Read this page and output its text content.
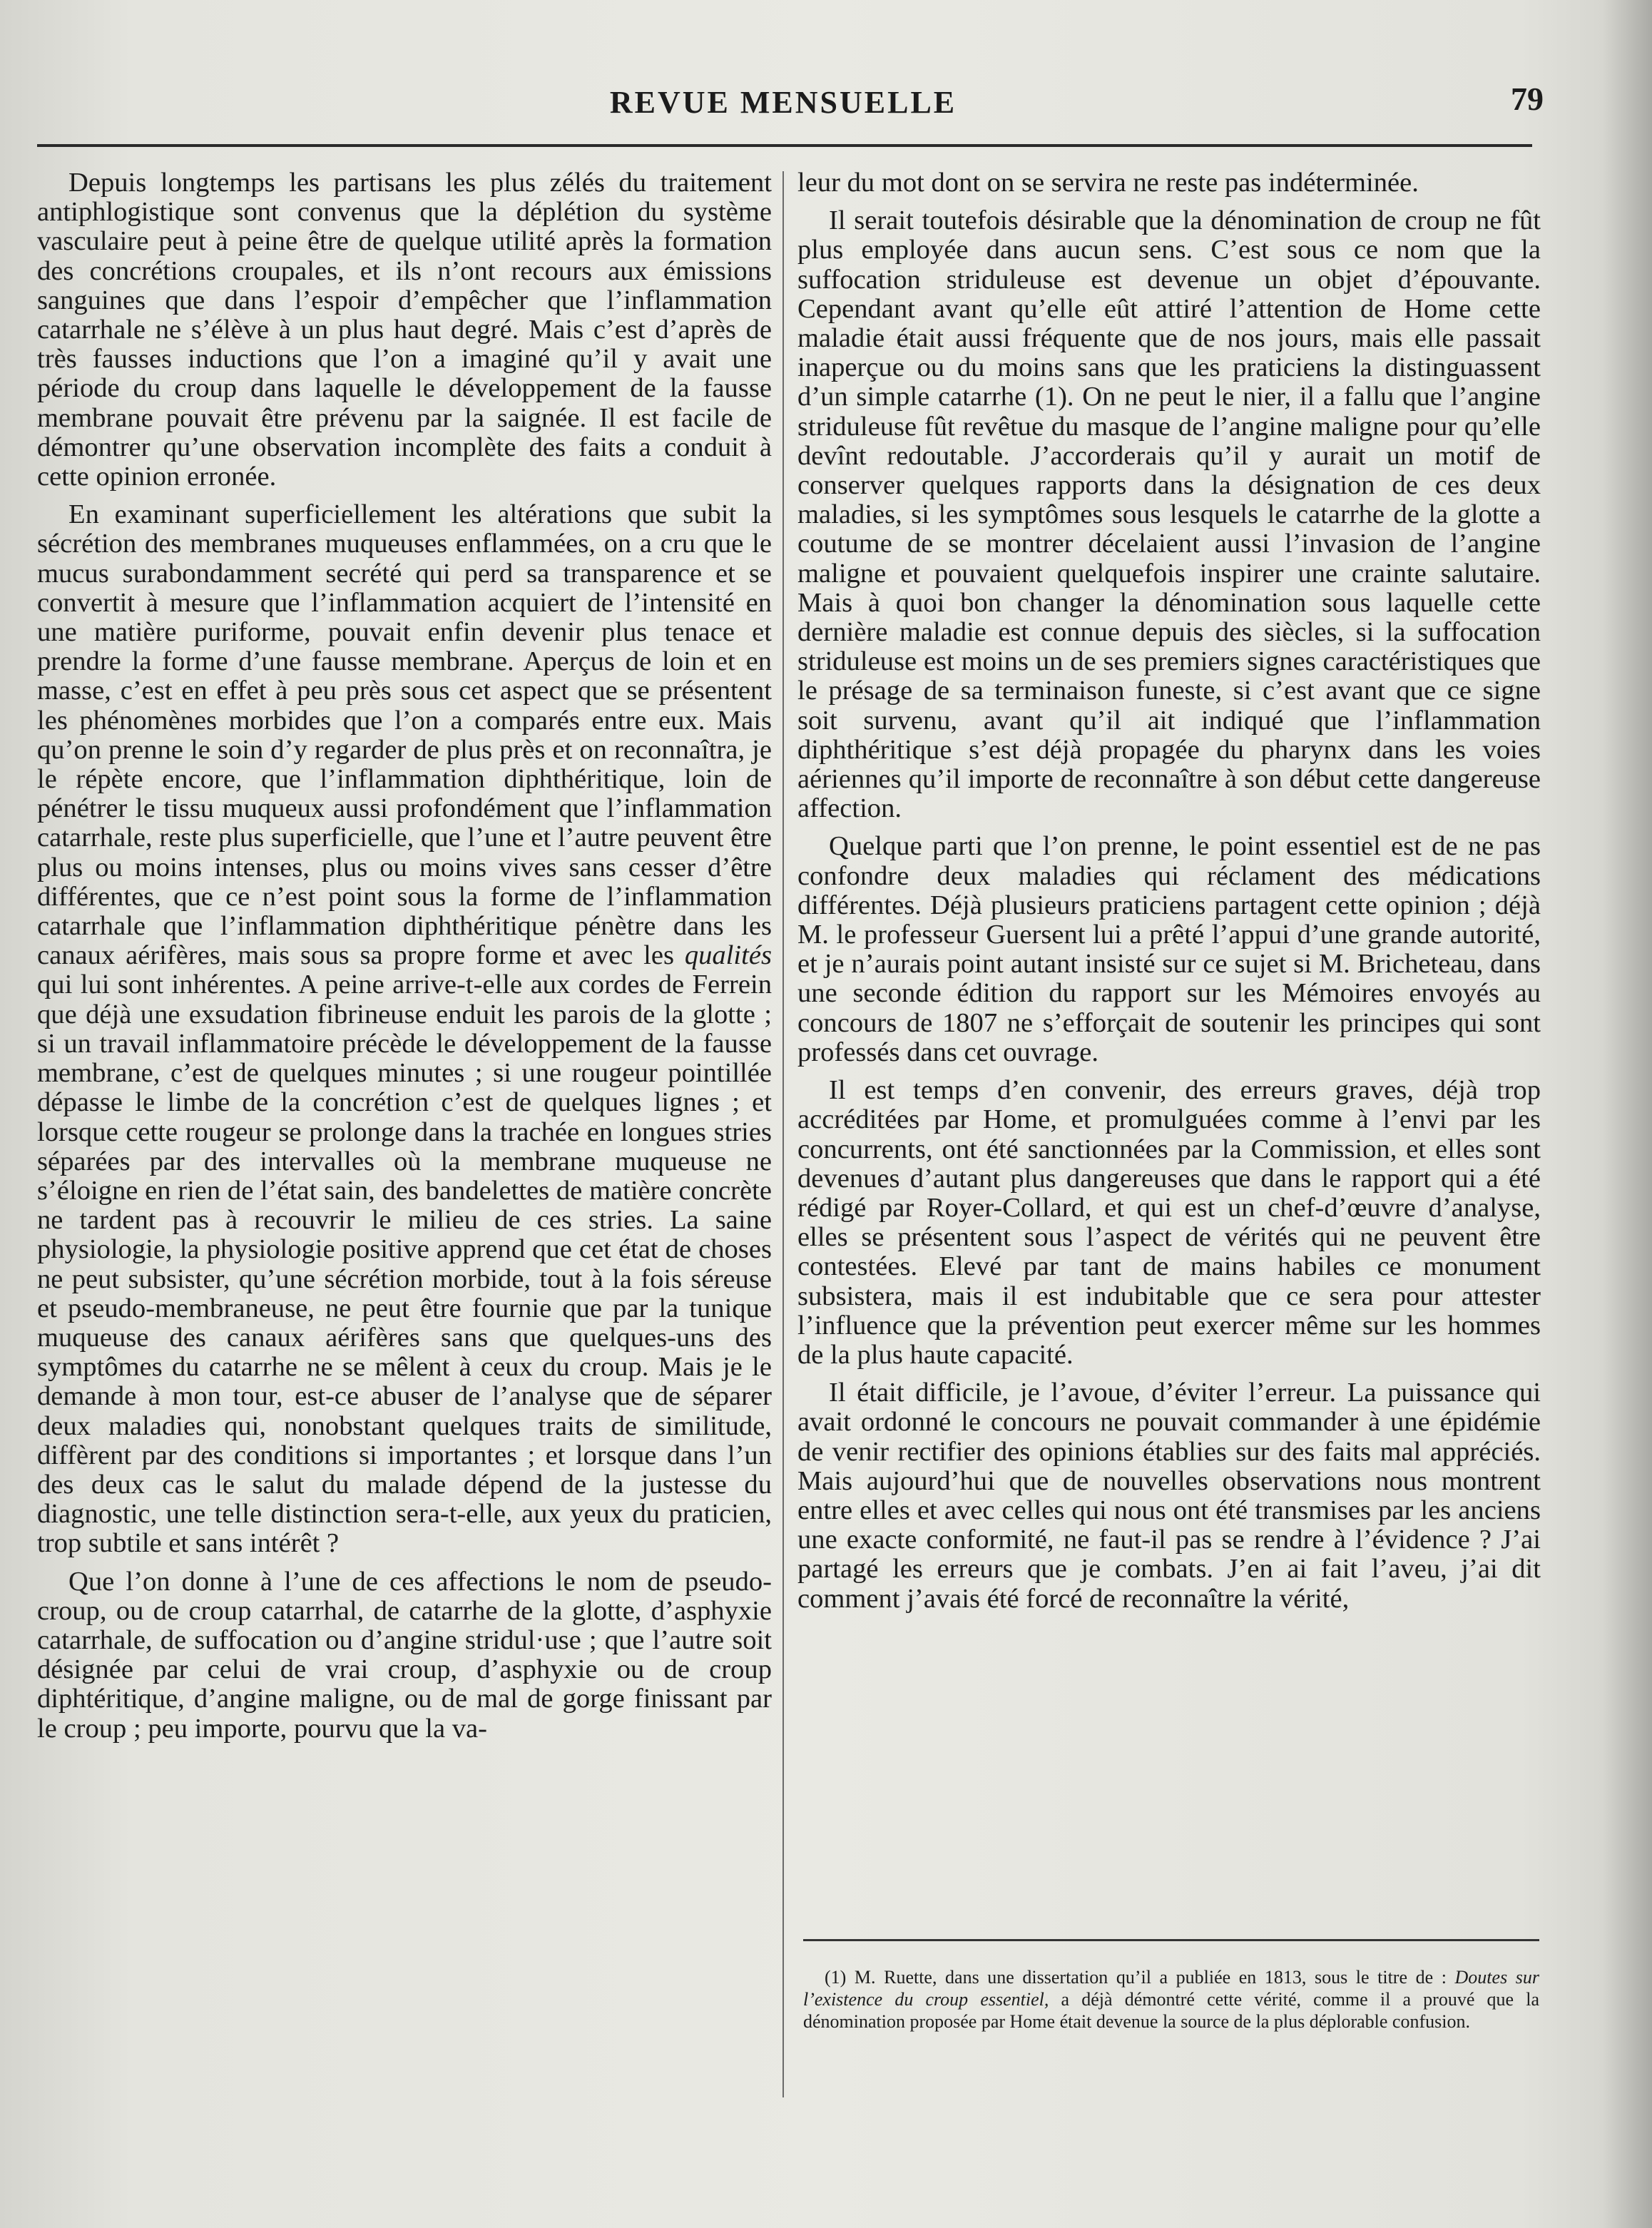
REVUE MENSUELLE	79

Depuis longtemps les partisans les plus zélés du traitement antiphlogistique sont convenus que la déplétion du système vasculaire peut à peine être de quelque utilité après la formation des concrétions croupales, et ils n’ont recours aux émissions sanguines que dans l’espoir d’empêcher que l’inflammation catarrhale ne s’élève à un plus haut degré. Mais c’est d’après de très fausses inductions que l’on a imaginé qu’il y avait une période du croup dans laquelle le développement de la fausse membrane pouvait être prévenu par la saignée. Il est facile de démontrer qu’une observation incomplète des faits a conduit à cette opinion erronée.

En examinant superficiellement les altérations que subit la sécrétion des membranes muqueuses enflammées, on a cru que le mucus surabondamment secrété qui perd sa transparence et se convertit à mesure que l’inflammation acquiert de l’intensité en une matière puriforme, pouvait enfin devenir plus tenace et prendre la forme d’une fausse membrane. Aperçus de loin et en masse, c’est en effet à peu près sous cet aspect que se présentent les phénomènes morbides que l’on a comparés entre eux. Mais qu’on prenne le soin d’y regarder de plus près et on reconnaîtra, je le répète encore, que l’inflammation diphthéritique, loin de pénétrer le tissu muqueux aussi profondément que l’inflammation catarrhale, reste plus superficielle, que l’une et l’autre peuvent être plus ou moins intenses, plus ou moins vives sans cesser d’être différentes, que ce n’est point sous la forme de l’inflammation catarrhale que l’inflammation diphthéritique pénètre dans les canaux aérifères, mais sous sa propre forme et avec les qualités qui lui sont inhérentes. A peine arrive-t-elle aux cordes de Ferrein que déjà une exsudation fibrineuse enduit les parois de la glotte ; si un travail inflammatoire précède le développement de la fausse membrane, c’est de quelques minutes ; si une rougeur pointillée dépasse le limbe de la concrétion c’est de quelques lignes ; et lorsque cette rougeur se prolonge dans la trachée en longues stries séparées par des intervalles où la membrane muqueuse ne s’éloigne en rien de l’état sain, des bandelettes de matière concrète ne tardent pas à recouvrir le milieu de ces stries. La saine physiologie, la physiologie positive apprend que cet état de choses ne peut subsister, qu’une sécrétion morbide, tout à la fois séreuse et pseudo-membraneuse, ne peut être fournie que par la tunique muqueuse des canaux aérifères sans que quelques-uns des symptômes du catarrhe ne se mêlent à ceux du croup. Mais je le demande à mon tour, est-ce abuser de l’analyse que de séparer deux maladies qui, nonobstant quelques traits de similitude, diffèrent par des conditions si importantes ; et lorsque dans l’un des deux cas le salut du malade dépend de la justesse du diagnostic, une telle distinction sera-t-elle, aux yeux du praticien, trop subtile et sans intérêt ?

Que l’on donne à l’une de ces affections le nom de pseudo-croup, ou de croup catarrhal, de catarrhe de la glotte, d’asphyxie catarrhale, de suffocation ou d’angine stridul·use ; que l’autre soit désignée par celui de vrai croup, d’asphyxie ou de croup diphtéritique, d’angine maligne, ou de mal de gorge finissant par le croup ; peu importe, pourvu que la va-

leur du mot dont on se servira ne reste pas indéterminée.

Il serait toutefois désirable que la dénomination de croup ne fût plus employée dans aucun sens. C’est sous ce nom que la suffocation striduleuse est devenue un objet d’épouvante. Cependant avant qu’elle eût attiré l’attention de Home cette maladie était aussi fréquente que de nos jours, mais elle passait inaperçue ou du moins sans que les praticiens la distinguassent d’un simple catarrhe (1). On ne peut le nier, il a fallu que l’angine striduleuse fût revêtue du masque de l’angine maligne pour qu’elle devînt redoutable. J’accorderais qu’il y aurait un motif de conserver quelques rapports dans la désignation de ces deux maladies, si les symptômes sous lesquels le catarrhe de la glotte a coutume de se montrer décelaient aussi l’invasion de l’angine maligne et pouvaient quelquefois inspirer une crainte salutaire. Mais à quoi bon changer la dénomination sous laquelle cette dernière maladie est connue depuis des siècles, si la suffocation striduleuse est moins un de ses premiers signes caractéristiques que le présage de sa terminaison funeste, si c’est avant que ce signe soit survenu, avant qu’il ait indiqué que l’inflammation diphthéritique s’est déjà propagée du pharynx dans les voies aériennes qu’il importe de reconnaître à son début cette dangereuse affection.

Quelque parti que l’on prenne, le point essentiel est de ne pas confondre deux maladies qui réclament des médications différentes. Déjà plusieurs praticiens partagent cette opinion ; déjà M. le professeur Guersent lui a prêté l’appui d’une grande autorité, et je n’aurais point autant insisté sur ce sujet si M. Bricheteau, dans une seconde édition du rapport sur les Mémoires envoyés au concours de 1807 ne s’efforçait de soutenir les principes qui sont professés dans cet ouvrage.

Il est temps d’en convenir, des erreurs graves, déjà trop accréditées par Home, et promulguées comme à l’envi par les concurrents, ont été sanctionnées par la Commission, et elles sont devenues d’autant plus dangereuses que dans le rapport qui a été rédigé par Royer-Collard, et qui est un chef-d’œuvre d’analyse, elles se présentent sous l’aspect de vérités qui ne peuvent être contestées. Elevé par tant de mains habiles ce monument subsistera, mais il est indubitable que ce sera pour attester l’influence que la prévention peut exercer même sur les hommes de la plus haute capacité.

Il était difficile, je l’avoue, d’éviter l’erreur. La puissance qui avait ordonné le concours ne pouvait commander à une épidémie de venir rectifier des opinions établies sur des faits mal appréciés. Mais aujourd’hui que de nouvelles observations nous montrent entre elles et avec celles qui nous ont été transmises par les anciens une exacte conformité, ne faut-il pas se rendre à l’évidence ? J’ai partagé les erreurs que je combats. J’en ai fait l’aveu, j’ai dit comment j’avais été forcé de reconnaître la vérité,

(1) M. Ruette, dans une dissertation qu’il a publiée en 1813, sous le titre de : Doutes sur l’existence du croup essentiel, a déjà démontré cette vérité, comme il a prouvé que la dénomination proposée par Home était devenue la source de la plus déplorable confusion.
